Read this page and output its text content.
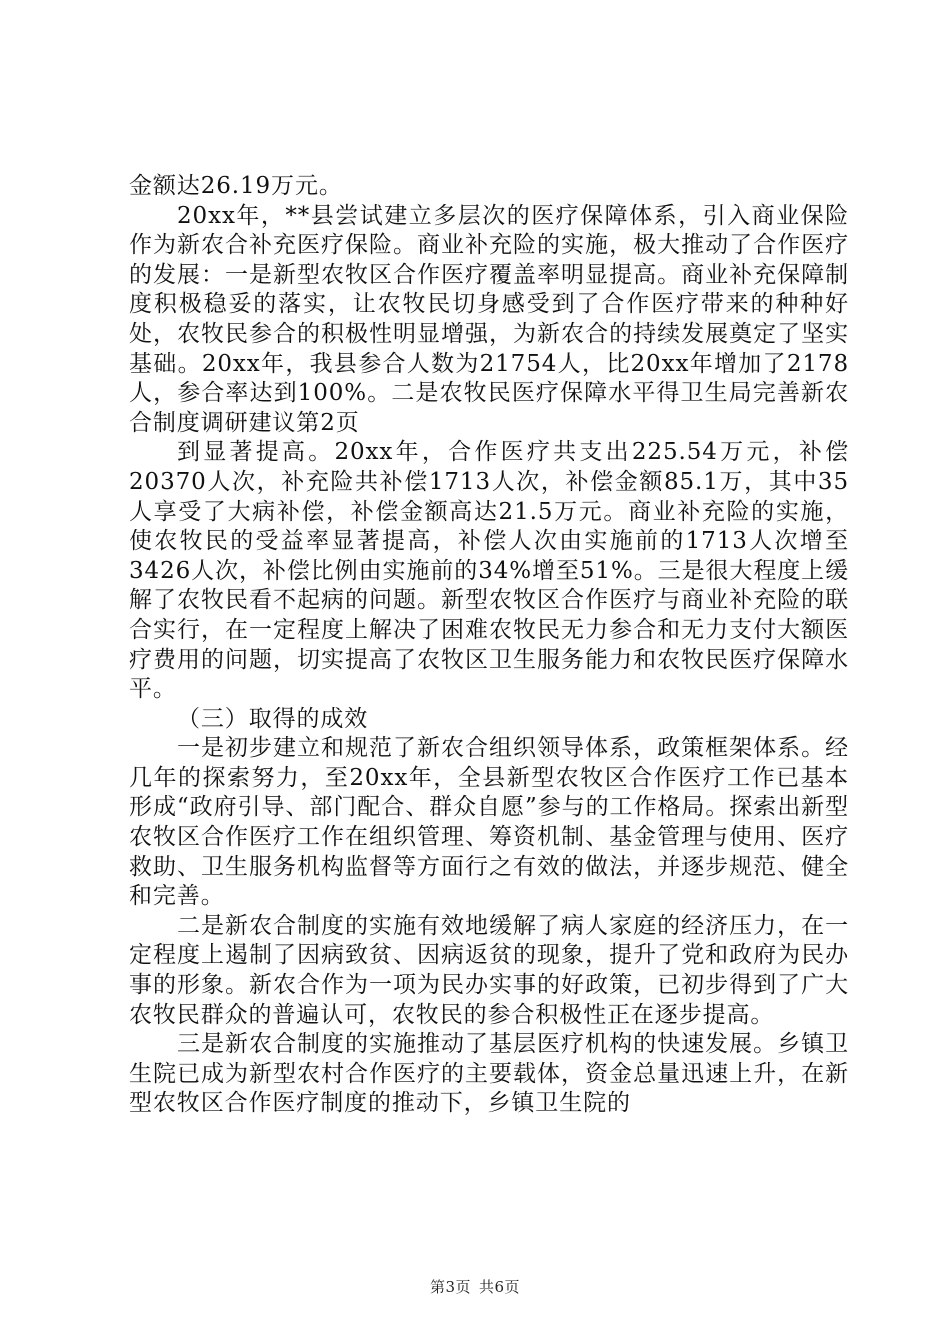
金额达26.19万元。

20xx年，**县尝试建立多层次的医疗保障体系，引入商业保险作为新农合补充医疗保险。商业补充险的实施，极大推动了合作医疗的发展：一是新型农牧区合作医疗覆盖率明显提高。商业补充保障制度积极稳妥的落实，让农牧民切身感受到了合作医疗带来的种种好处，农牧民参合的积极性明显增强，为新农合的持续发展奠定了坚实基础。20xx年，我县参合人数为21754人，比20xx年增加了2178人，参合率达到100%。二是农牧民医疗保障水平得卫生局完善新农合制度调研建议第2页

到显著提高。20xx年，合作医疗共支出225.54万元，补偿20370人次，补充险共补偿1713人次，补偿金额85.1万，其中35人享受了大病补偿，补偿金额高达21.5万元。商业补充险的实施，使农牧民的受益率显著提高，补偿人次由实施前的1713人次增至3426人次，补偿比例由实施前的34%增至51%。三是很大程度上缓解了农牧民看不起病的问题。新型农牧区合作医疗与商业补充险的联合实行，在一定程度上解决了困难农牧民无力参合和无力支付大额医疗费用的问题，切实提高了农牧区卫生服务能力和农牧民医疗保障水平。

（三）取得的成效

一是初步建立和规范了新农合组织领导体系，政策框架体系。经几年的探索努力，至20xx年，全县新型农牧区合作医疗工作已基本形成“政府引导、部门配合、群众自愿”参与的工作格局。探索出新型农牧区合作医疗工作在组织管理、筹资机制、基金管理与使用、医疗救助、卫生服务机构监督等方面行之有效的做法，并逐步规范、健全和完善。

二是新农合制度的实施有效地缓解了病人家庭的经济压力，在一定程度上遏制了因病致贫、因病返贫的现象，提升了党和政府为民办事的形象。新农合作为一项为民办实事的好政策，已初步得到了广大农牧民群众的普遍认可，农牧民的参合积极性正在逐步提高。

三是新农合制度的实施推动了基层医疗机构的快速发展。乡镇卫生院已成为新型农村合作医疗的主要载体，资金总量迅速上升，在新型农牧区合作医疗制度的推动下，乡镇卫生院的

第3页 共6页
